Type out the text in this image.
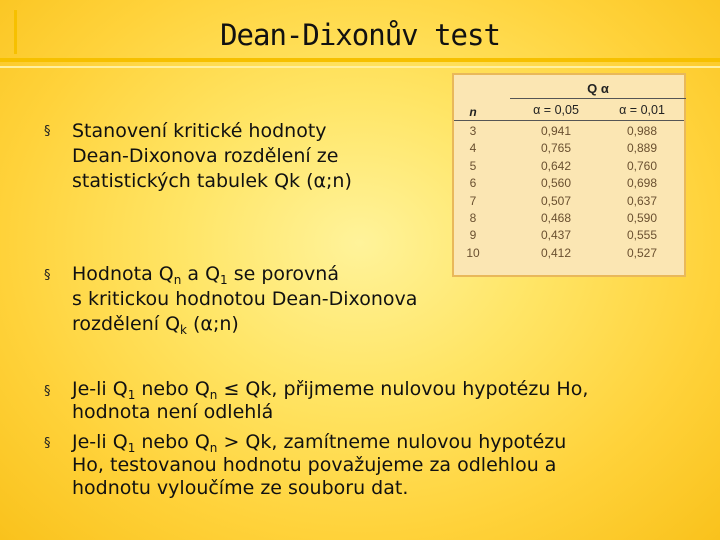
Dean-Dixonův test
Q α
n	α = 0,05	α = 0,01
3	0,941	0,988
4	0,765	0,889
5	0,642	0,760
6	0,560	0,698
7	0,507	0,637
8	0,468	0,590
9	0,437	0,555
10	0,412	0,527
§ Stanovení kritické hodnoty
Dean-Dixonova rozdělení ze
statistických tabulek Qk (α;n)
§ Hodnota $Q_n$ a $Q_1$ se porovná
s kritickou hodnotou Dean-Dixonova
rozdělení $Q_k$ (α;n)
§ Je-li $Q_1$ nebo $Q_n \le Qk$, přijmeme nulovou hypotézu Ho,
hodnota není odlehlá
§ Je-li $Q_1$ nebo $Q_n > Qk$, zamítneme nulovou hypotézu
Ho, testovanou hodnotu považujeme za odlehlou a
hodnotu vyloučíme ze souboru dat.
